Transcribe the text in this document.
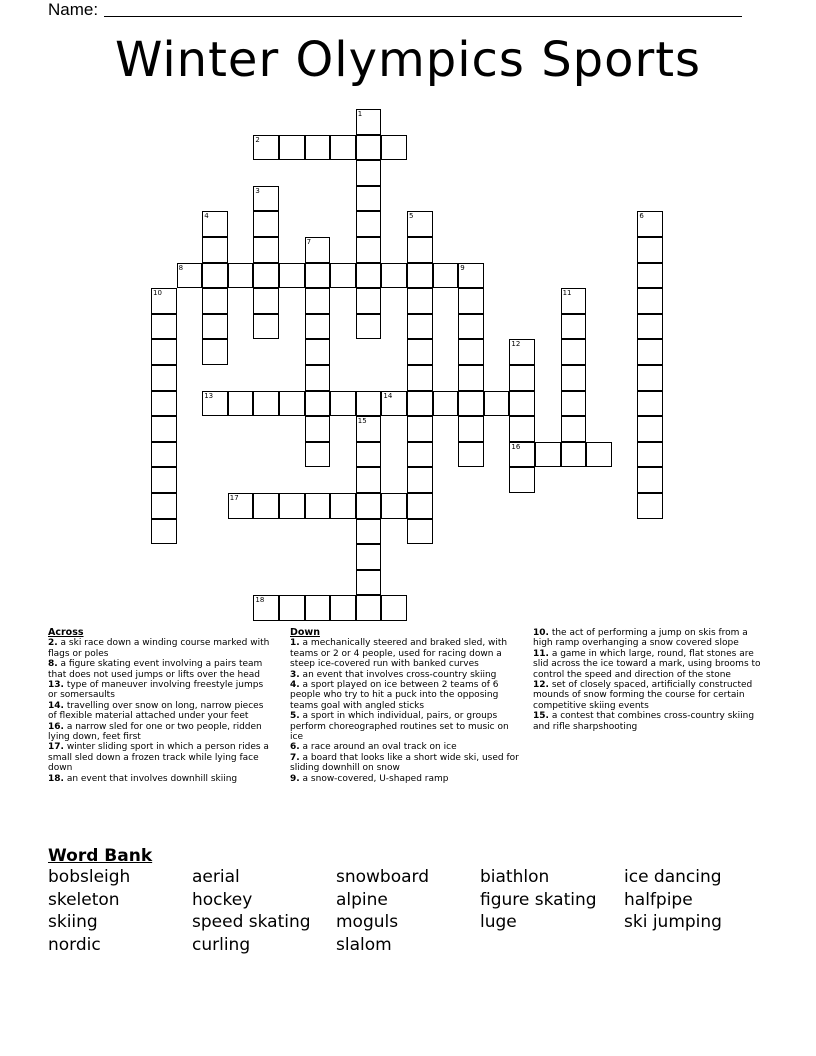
Name:
Winter Olympics Sports
1
2
3
4	5	6
7
8	9
10	11
12
13	14
15
16
17
18
Across
2. a ski race down a winding course marked with flags or poles
8. a figure skating event involving a pairs team that does not used jumps or lifts over the head
13. type of maneuver involving freestyle jumps or somersaults
14. travelling over snow on long, narrow pieces of flexible material attached under your feet
16. a narrow sled for one or two people, ridden lying down, feet first
17. winter sliding sport in which a person rides a small sled down a frozen track while lying face down
18. an event that involves downhill skiing
Down
1. a mechanically steered and braked sled, with teams or 2 or 4 people, used for racing down a steep ice-covered run with banked curves
3. an event that involves cross-country skiing
4. a sport played on ice between 2 teams of 6 people who try to hit a puck into the opposing teams goal with angled sticks
5. a sport in which individual, pairs, or groups perform choreographed routines set to music on ice
6. a race around an oval track on ice
7. a board that looks like a short wide ski, used for sliding downhill on snow
9. a snow-covered, U-shaped ramp
10. the act of performing a jump on skis from a high ramp overhanging a snow covered slope
11. a game in which large, round, flat stones are slid across the ice toward a mark, using brooms to control the speed and direction of the stone
12. set of closely spaced, artificially constructed mounds of snow forming the course for certain competitive skiing events
15. a contest that combines cross-country skiing and rifle sharpshooting
Word Bank
bobsleigh	aerial	snowboard	biathlon	ice dancing
skeleton	hockey	alpine	figure skating	halfpipe
skiing	speed skating	moguls	luge	ski jumping
nordic	curling	slalom
